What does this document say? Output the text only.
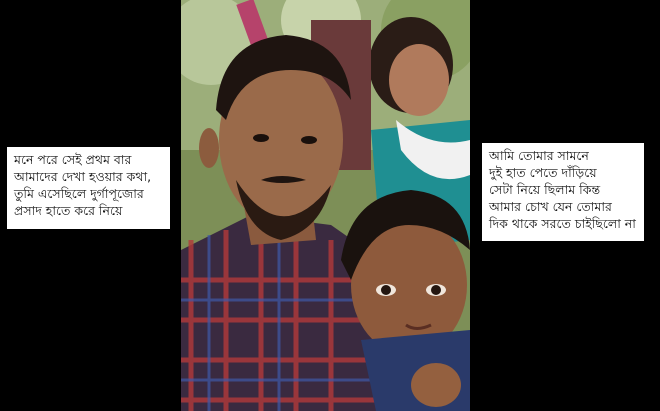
মনে পরে সেই প্রথম বার
আমাদের দেখা হওয়ার কথা,
তুমি এসেছিলে দুর্গাপূজোর
প্রসাদ হাতে করে নিয়ে
আমি তোমার সামনে
দুই হাত পেতে দাঁড়িয়ে
সেটা নিয়ে ছিলাম কিন্ত
আমার চোখ যেন তোমার
দিক থাকে সরতে চাইছিলো না
